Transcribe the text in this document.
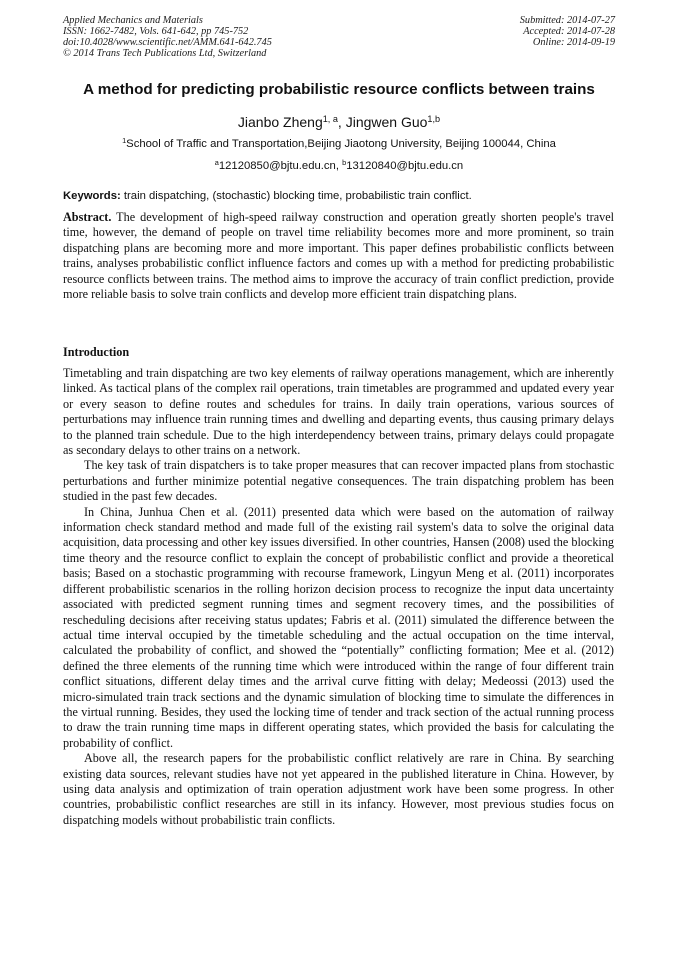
Applied Mechanics and Materials
ISSN: 1662-7482, Vols. 641-642, pp 745-752
doi:10.4028/www.scientific.net/AMM.641-642.745
© 2014 Trans Tech Publications Ltd, Switzerland
Submitted: 2014-07-27
Accepted: 2014-07-28
Online: 2014-09-19
A method for predicting probabilistic resource conflicts between trains
Jianbo Zheng$^{1, a}$, Jingwen Guo$^{1,b}$
$^1$School of Traffic and Transportation,Beijing Jiaotong University, Beijing 100044, China
$^a$12120850@bjtu.edu.cn, $^b$13120840@bjtu.edu.cn
Keywords: train dispatching, (stochastic) blocking time, probabilistic train conflict.
Abstract. The development of high-speed railway construction and operation greatly shorten people's travel time, however, the demand of people on travel time reliability becomes more and more prominent, so train dispatching plans are becoming more and more important. This paper defines probabilistic conflicts between trains, analyses probabilistic conflict influence factors and comes up with a method for predicting probabilistic resource conflicts between trains. The method aims to improve the accuracy of train conflict prediction, provide more reliable basis to solve train conflicts and develop more efficient train dispatching plans.
Introduction

Timetabling and train dispatching are two key elements of railway operations management, which are inherently linked. As tactical plans of the complex rail operations, train timetables are programmed and updated every year or every season to define routes and schedules for trains. In daily train operations, various sources of perturbations may influence train running times and dwelling and departing events, thus causing primary delays to the planned train schedule. Due to the high interdependency between trains, primary delays could propagate as secondary delays to other trains on a network.

The key task of train dispatchers is to take proper measures that can recover impacted plans from stochastic perturbations and further minimize potential negative consequences. The train dispatching problem has been studied in the past few decades.

In China, Junhua Chen et al. (2011) presented data which were based on the automation of railway information check standard method and made full of the existing rail system's data to solve the original data acquisition, data processing and other key issues diversified. In other countries, Hansen (2008) used the blocking time theory and the resource conflict to explain the concept of probabilistic conflict and provide a theoretical basis; Based on a stochastic programming with recourse framework, Lingyun Meng et al. (2011) incorporates different probabilistic scenarios in the rolling horizon decision process to recognize the input data uncertainty associated with predicted segment running times and segment recovery times, and the possibilities of rescheduling decisions after receiving status updates; Fabris et al. (2011) simulated the difference between the actual time interval occupied by the timetable scheduling and the actual occupation on the time interval, calculated the probability of conflict, and showed the “potentially” conflicting formation; Mee et al. (2012) defined the three elements of the running time which were introduced within the range of four different train conflict situations, different delay times and the arrival curve fitting with delay; Medeossi (2013) used the micro-simulated train track sections and the dynamic simulation of blocking time to simulate the differences in the virtual running. Besides, they used the locking time of tender and track section of the actual running process to draw the train running time maps in different operating states, which provided the basis for calculating the probability of conflict.

Above all, the research papers for the probabilistic conflict relatively are rare in China. By searching existing data sources, relevant studies have not yet appeared in the published literature in China. However, by using data analysis and optimization of train operation adjustment work have been some progress. In other countries, probabilistic conflict researches are still in its infancy. However, most previous studies focus on dispatching models without probabilistic train conflicts.
